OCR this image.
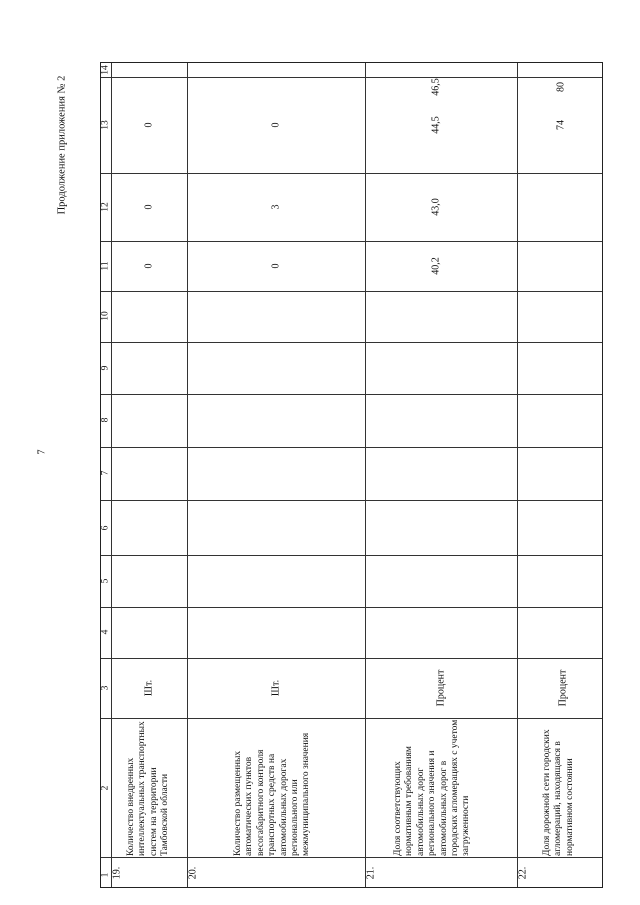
7
Продолжение приложения № 2
1
2
3
4
5
6
7
8
9
10
11
12
13
14
19.
Количество внедренных интеллектуальных транспортных систем на территории Тамбовской области
Шт.
0
0
0
20.
Количество размещенных автоматических пунктов весогабаритного контроля транспортных средств на автомобильных дорогах регионального или межмуниципального значения
Шт.
0
3
0
21.
Доля соответствующих нормативным требованиям автомобильных дорог регионального значения и автомобильных дорог в городских агломерациях с учетом загруженности
Процент
40,2
43,0
44,5
46,5
22.
Доля дорожной сети городских агломераций, находящаяся в нормативном состоянии
Процент
74
80
